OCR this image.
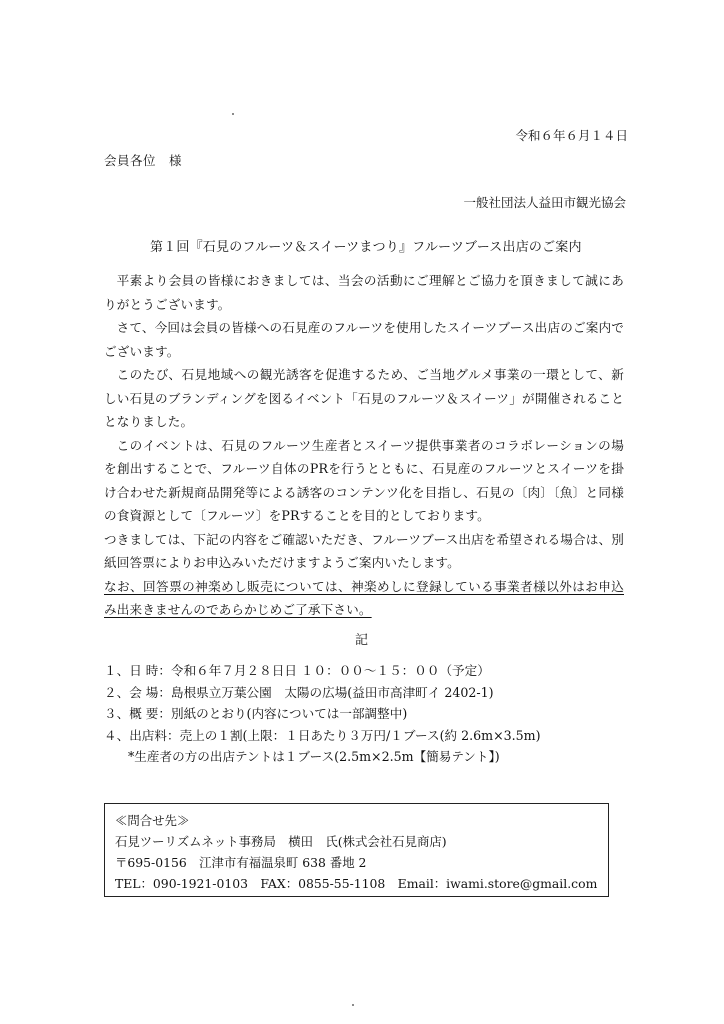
令和６年６月１４日
会員各位　様
一般社団法人益田市観光協会
第１回『石見のフルーツ＆スイーツまつり』フルーツブース出店のご案内

平素より会員の皆様におきましては、当会の活動にご理解とご協力を頂きまして誠にありがとうございます。

さて、今回は会員の皆様への石見産のフルーツを使用したスイーツブース出店のご案内でございます。

このたび、石見地域への観光誘客を促進するため、ご当地グルメ事業の一環として、新しい石見のブランディングを図るイベント「石見のフルーツ＆スイーツ」が開催されることとなりました。

このイベントは、石見のフルーツ生産者とスイーツ提供事業者のコラボレーションの場を創出することで、フルーツ自体のPRを行うとともに、石見産のフルーツとスイーツを掛け合わせた新規商品開発等による誘客のコンテンツ化を目指し、石見の〔肉〕〔魚〕と同様の食資源として〔フルーツ〕をPRすることを目的としております。

つきましては、下記の内容をご確認いただき、フルーツブース出店を希望される場合は、別紙回答票によりお申込みいただけますようご案内いたします。

なお、回答票の神楽めし販売については、神楽めしに登録している事業者様以外はお申込み出来きませんのであらかじめご了承下さい。

記
１、日 時：令和６年７月２８日日 １０：００～１５：００（予定）
２、会 場：島根県立万葉公園　太陽の広場(益田市高津町イ 2402-1)
３、概 要：別紙のとおり(内容については一部調整中)
４、出店料：売上の１割(上限：１日あたり３万円/１ブース(約 2.6m×3.5m)
*生産者の方の出店テントは１ブース(2.5m×2.5m【簡易テント】)
≪問合せ先≫
石見ツーリズムネット事務局　横田　氏(株式会社石見商店)
〒695-0156　江津市有福温泉町 638 番地 2
TEL：090-1921-0103　FAX：0855-55-1108　Email：iwami.store@gmail.com
